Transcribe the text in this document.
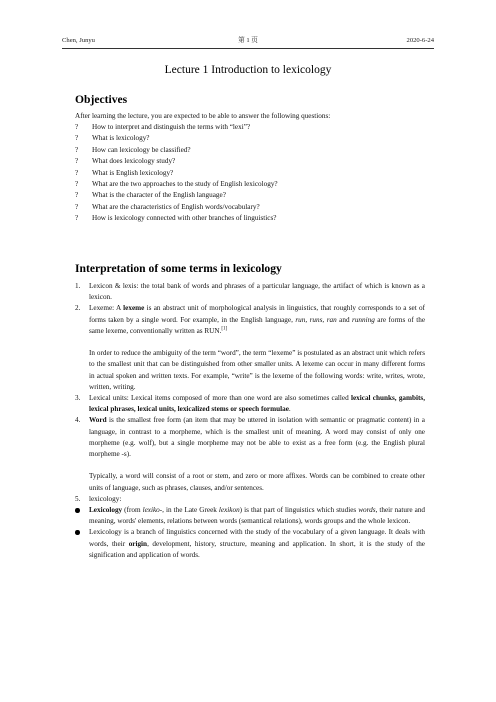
Chen, Junyu	第 1 页	2020-6-24
Lecture 1 Introduction to lexicology
Objectives
After learning the lecture, you are expected to be able to answer the following questions:
? How to interpret and distinguish the terms with “lexi”?
? What is lexicology?
? How can lexicology be classified?
? What does lexicology study?
? What is English lexicology?
? What are the two approaches to the study of English lexicology?
? What is the character of the English language?
? What are the characteristics of English words/vocabulary?
? How is lexicology connected with other branches of linguistics?
Interpretation of some terms in lexicology
1. Lexicon & lexis: the total bank of words and phrases of a particular language, the artifact of which is known as a lexicon.
2. Lexeme: A lexeme is an abstract unit of morphological analysis in linguistics, that roughly corresponds to a set of forms taken by a single word. For example, in the English language, run, runs, ran and running are forms of the same lexeme, conventionally written as RUN.[1]
In order to reduce the ambiguity of the term “word”, the term “lexeme” is postulated as an abstract unit which refers to the smallest unit that can be distinguished from other smaller units. A lexeme can occur in many different forms in actual spoken and written texts. For example, “write” is the lexeme of the following words: write, writes, wrote, written, writing.
3. Lexical units: Lexical items composed of more than one word are also sometimes called lexical chunks, gambits, lexical phrases, lexical units, lexicalized stems or speech formulae.
4. Word is the smallest free form (an item that may be uttered in isolation with semantic or pragmatic content) in a language, in contrast to a morpheme, which is the smallest unit of meaning. A word may consist of only one morpheme (e.g. wolf), but a single morpheme may not be able to exist as a free form (e.g. the English plural morpheme -s).
Typically, a word will consist of a root or stem, and zero or more affixes. Words can be combined to create other units of language, such as phrases, clauses, and/or sentences.
5. lexicology:
Lexicology (from lexiko-, in the Late Greek lexikon) is that part of linguistics which studies words, their nature and meaning, words' elements, relations between words (semantical relations), words groups and the whole lexicon.
Lexicology is a branch of linguistics concerned with the study of the vocabulary of a given language. It deals with words, their origin, development, history, structure, meaning and application. In short, it is the study of the signification and application of words.
